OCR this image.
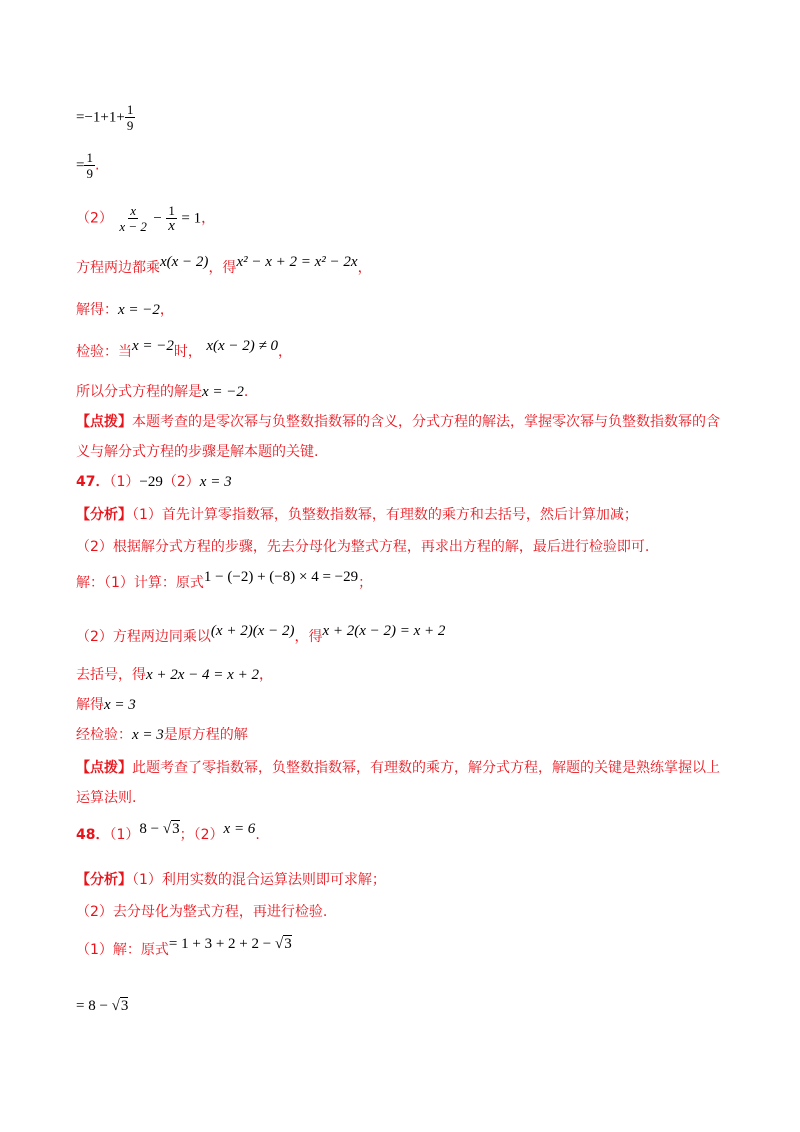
$=-1+1+ \frac{1}{9}$
= $\frac{1}{9}$ .
$(2) \frac{x}{x - 2} - \frac{1}{x} = 1$，
方程两边都乘x(x − 2)，得x² − x + 2 = x² − 2x，
解得：x = −2，
检验：当x = −2时， x(x − 2) ≠ 0，
所以分式方程的解是x = −2.
【点拨】本题考查的是零次幂与负整数指数幂的含义，分式方程的解法，掌握零次幂与负整数指数幂的含义与解分式方程的步骤是解本题的关键.
47．（1）−29（2）x = 3
【分析】（1）首先计算零指数幂，负整数指数幂，有理数的乘方和去括号，然后计算加减；
（2）根据解分式方程的步骤，先去分母化为整式方程，再求出方程的解，最后进行检验即可.
解：（1）计算：原式1 − (−2) + (−8) × 4 = −29；
（2）方程两边同乘以(x + 2)(x − 2)，得x + 2(x − 2) = x + 2
去括号，得x + 2x − 4 = x + 2，
解得x = 3
经检验：x = 3是原方程的解
【点拨】此题考查了零指数幂，负整数指数幂，有理数的乘方，解分式方程，解题的关键是熟练掌握以上运算法则.
48．（1）8 − √3；（2）x = 6.
【分析】（1）利用实数的混合运算法则即可求解；
（2）去分母化为整式方程，再进行检验.
（1）解：原式= 1 + 3 + 2 + 2 − √3
= 8 − √3
